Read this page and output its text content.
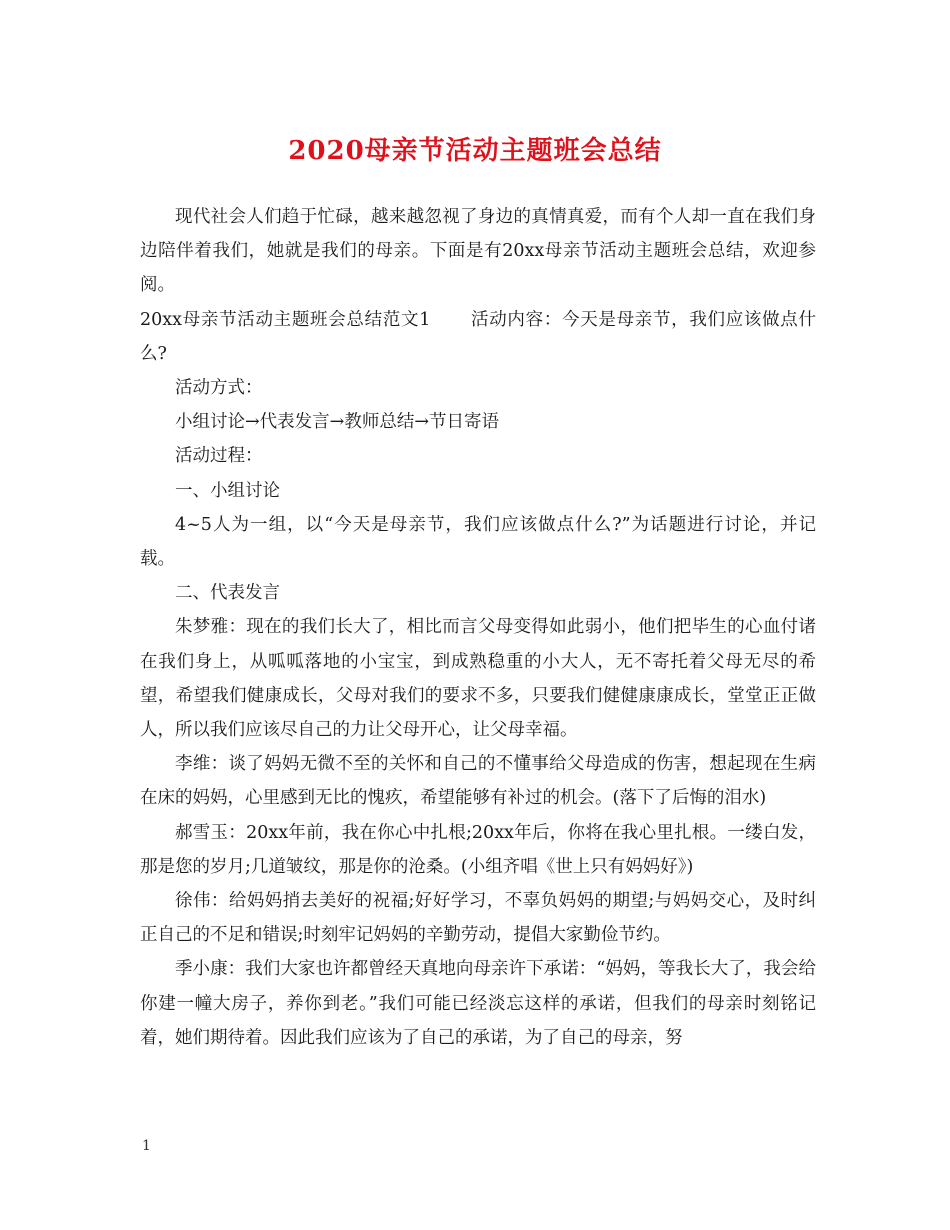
2020母亲节活动主题班会总结

现代社会人们趋于忙碌，越来越忽视了身边的真情真爱，而有个人却一直在我们身边陪伴着我们，她就是我们的母亲。下面是有20xx母亲节活动主题班会总结，欢迎参阅。

20xx母亲节活动主题班会总结范文1 活动内容：今天是母亲节，我们应该做点什么?

活动方式：

小组讨论→代表发言→教师总结→节日寄语

活动过程：

一、小组讨论

4~5人为一组，以“今天是母亲节，我们应该做点什么?”为话题进行讨论，并记载。

二、代表发言

朱梦雅：现在的我们长大了，相比而言父母变得如此弱小，他们把毕生的心血付诸在我们身上，从呱呱落地的小宝宝，到成熟稳重的小大人，无不寄托着父母无尽的希望，希望我们健康成长，父母对我们的要求不多，只要我们健健康康成长，堂堂正正做人，所以我们应该尽自己的力让父母开心，让父母幸福。

李维：谈了妈妈无微不至的关怀和自己的不懂事给父母造成的伤害，想起现在生病在床的妈妈，心里感到无比的愧疚，希望能够有补过的机会。(落下了后悔的泪水)

郝雪玉：20xx年前，我在你心中扎根;20xx年后，你将在我心里扎根。一缕白发，那是您的岁月;几道皱纹，那是你的沧桑。(小组齐唱《世上只有妈妈好》)

徐伟：给妈妈捎去美好的祝福;好好学习，不辜负妈妈的期望;与妈妈交心，及时纠正自己的不足和错误;时刻牢记妈妈的辛勤劳动，提倡大家勤俭节约。

季小康：我们大家也许都曾经天真地向母亲许下承诺：“妈妈，等我长大了，我会给你建一幢大房子，养你到老。”我们可能已经淡忘这样的承诺，但我们的母亲时刻铭记着，她们期待着。因此我们应该为了自己的承诺，为了自己的母亲，努

1
